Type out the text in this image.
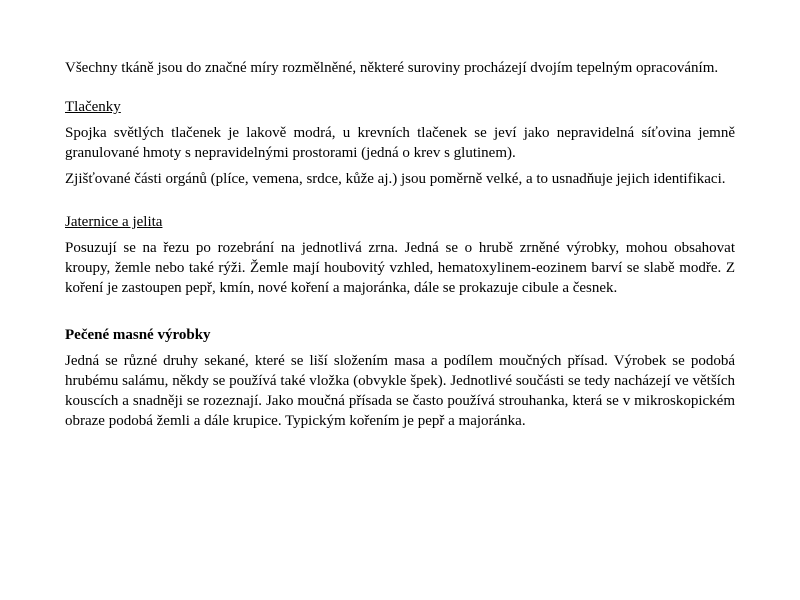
Všechny tkáně jsou do značné míry rozmělněné, některé suroviny procházejí dvojím tepelným opracováním.

Tlačenky

Spojka světlých tlačenek je lakově modrá, u krevních tlačenek se jeví jako nepravidelná síťovina jemně granulované hmoty s nepravidelnými prostorami (jedná o krev s glutinem).

Zjišťované části orgánů (plíce, vemena, srdce, kůže aj.) jsou poměrně velké, a to usnadňuje jejich identifikaci.

Jaternice a jelita

Posuzují se na řezu po rozebrání na jednotlivá zrna. Jedná se o hrubě zrněné výrobky, mohou obsahovat kroupy, žemle nebo také rýži. Žemle mají houbovitý vzhled, hematoxylinem-eozinem barví se slabě modře. Z koření je zastoupen pepř, kmín, nové koření a majoránka, dále se prokazuje cibule a česnek.

Pečené masné výrobky

Jedná se různé druhy sekané, které se liší složením masa a podílem moučných přísad. Výrobek se podobá hrubému salámu, někdy se používá také vložka (obvykle špek). Jednotlivé součásti se tedy nacházejí ve větších kouscích a snadněji se rozeznají. Jako moučná přísada se často používá strouhanka, která se v mikroskopickém obraze podobá žemli a dále krupice. Typickým kořením je pepř a majoránka.
